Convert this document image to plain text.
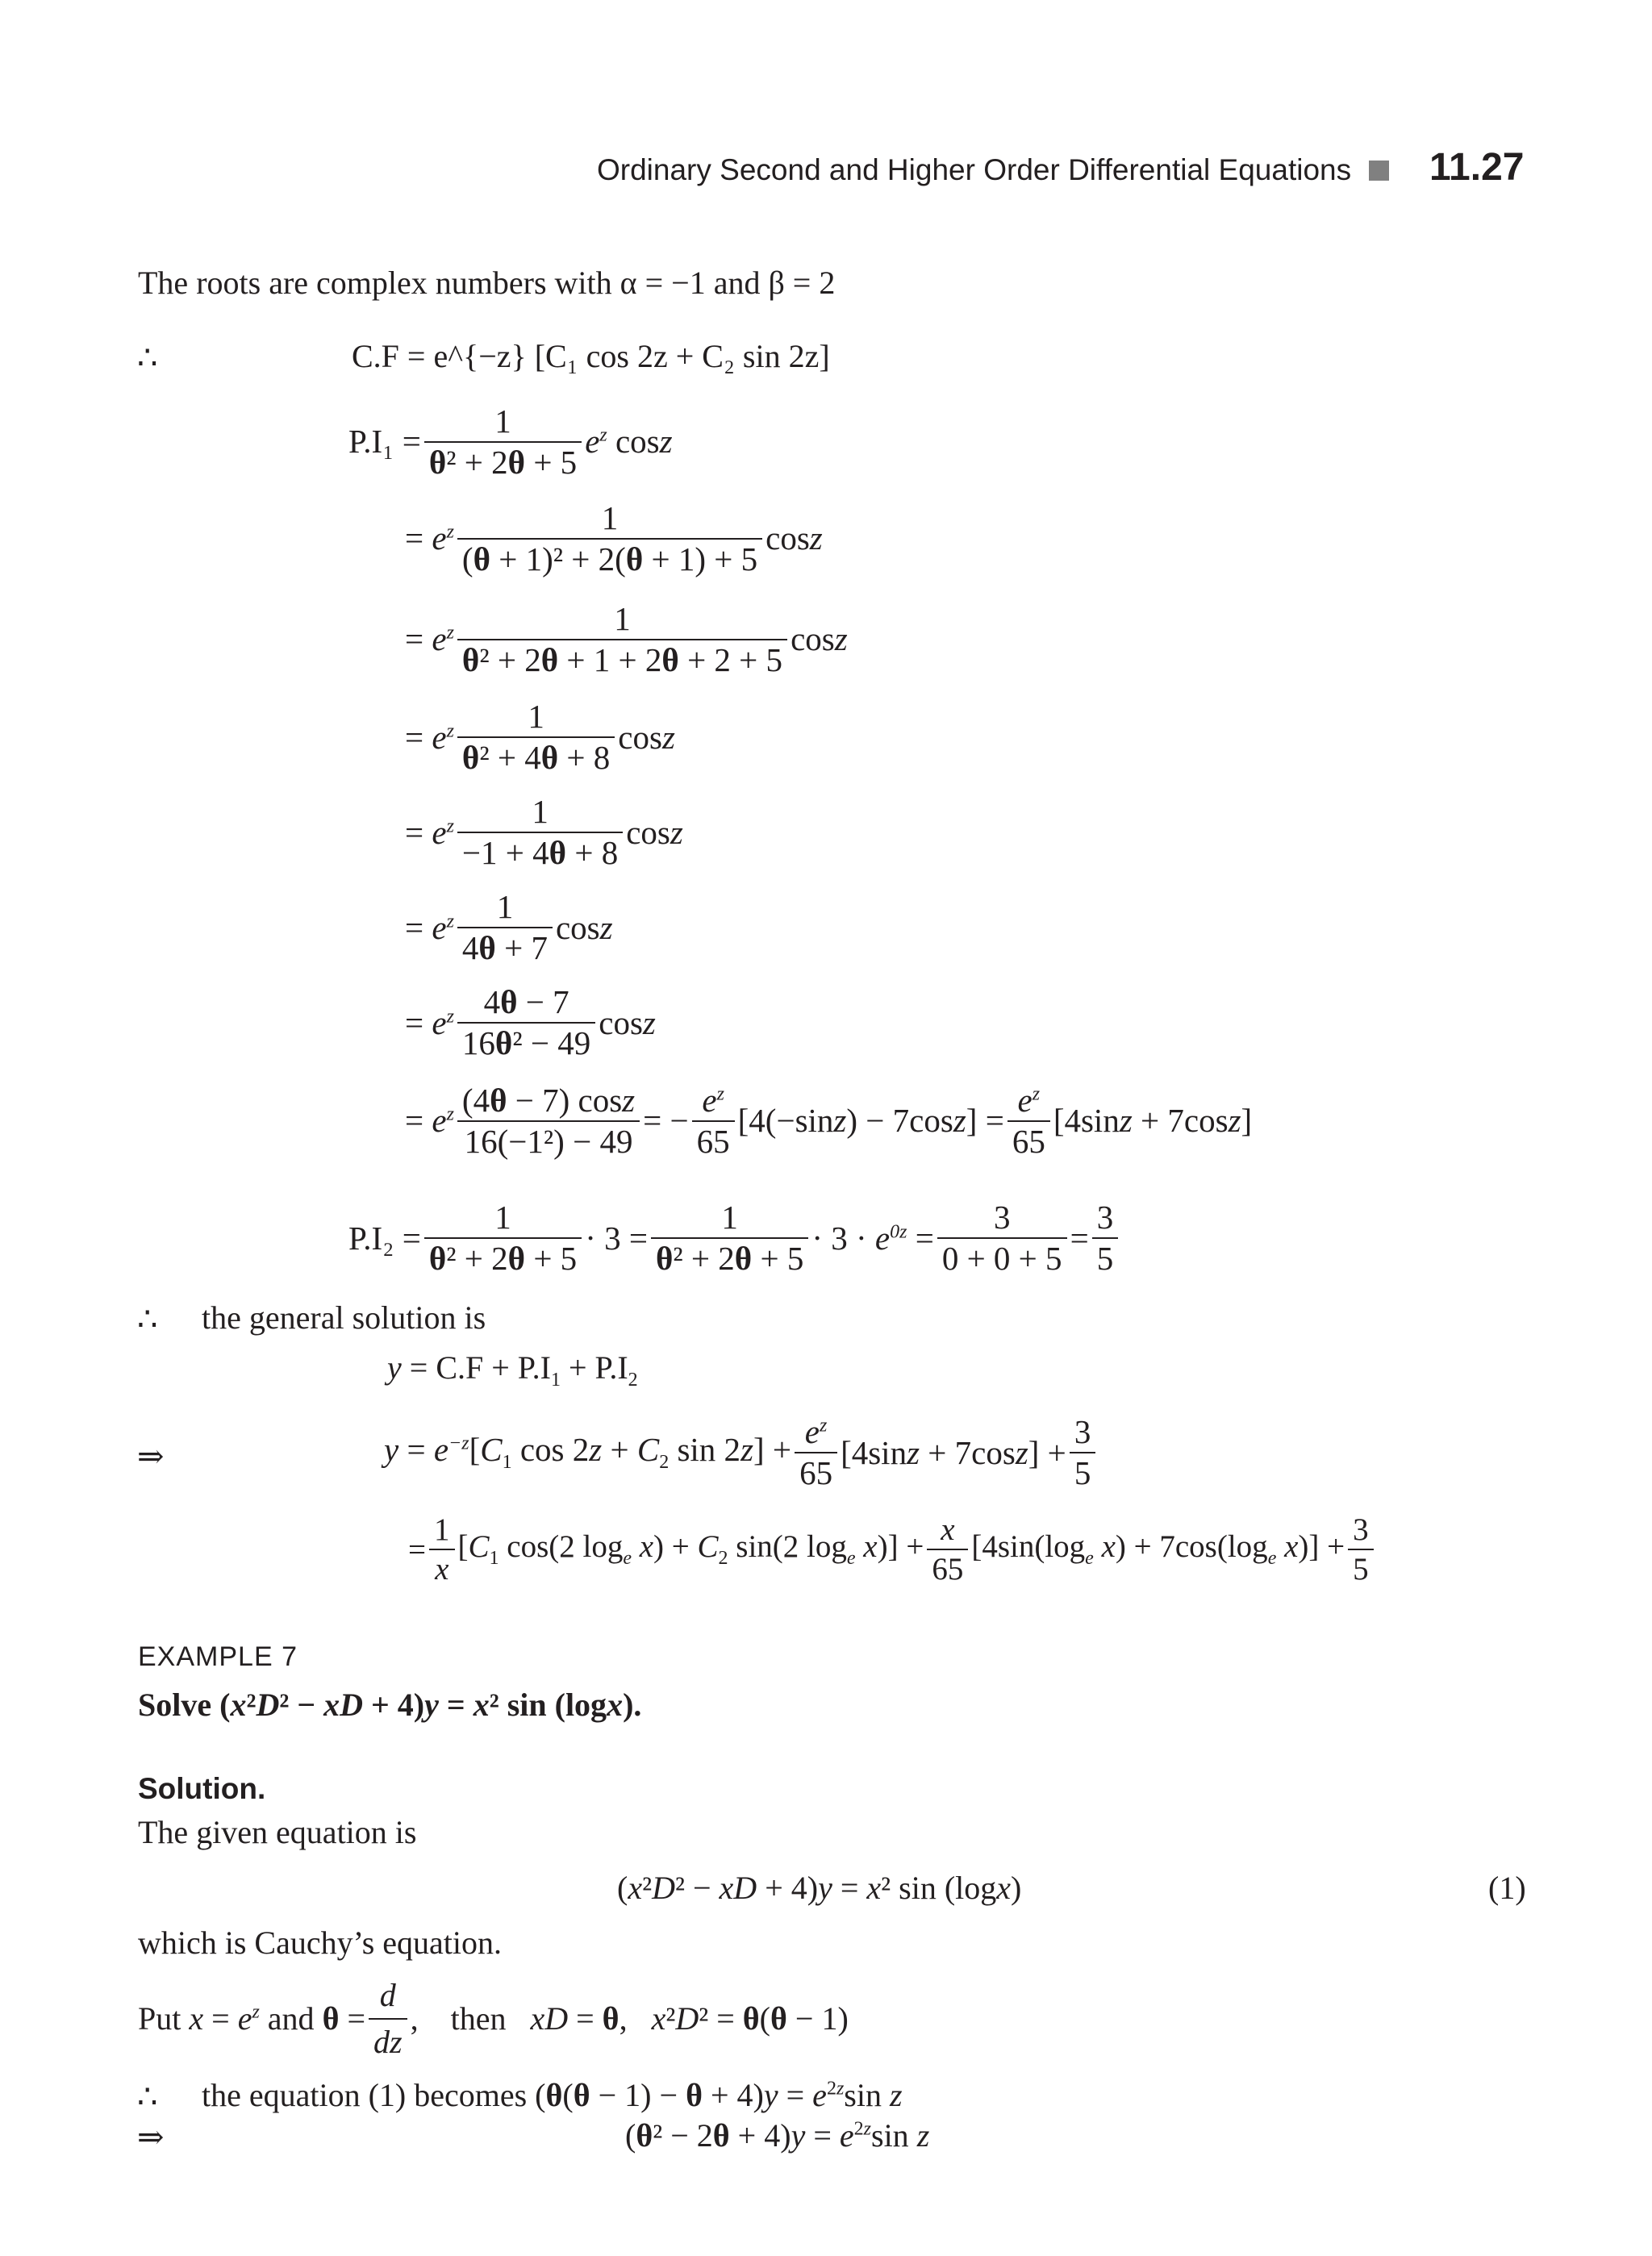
Ordinary Second and Higher Order Differential Equations 11.27
The roots are complex numbers with α = −1 and β = 2
∴	C.F = e^{−z} [C₁ cos 2z + C₂ sin 2z]
$P.I_1 = \frac{1}{\text{θ² + 2θ + 5}} e^z$ cosz
= $e^z \frac{1}{\text{(θ + 1)² + 2(θ + 1) + 5}}$ cosz
= $e^z \frac{1}{\text{θ² + 2θ + 1 + 2θ + 2 + 5}}$ cosz
= $e^z \frac{1}{\text{θ² + 4θ + 8}}$ cosz
= $e^z \frac{1}{-1 + 4\theta + 8}$ cosz
= $e^z \frac{1}{4\theta + 7}$ cosz
= $e^z \frac{4\theta - 7}{\text{16θ² − 49}}$ cosz
= $e^z \frac{(4\theta - 7) \cos z}{\text{16(−1²) − 49}}$ = − $\frac{e^z}{65} [4(-\sin z) - 7\cos z] = \frac{e^z}{65} [4\sin z + 7\cos z]$
$P.I_2 = \frac{1}{\text{θ² + 2θ + 5}} \cdot 3 = \frac{1}{\text{θ² + 2θ + 5}} \cdot 3 \cdot e^{0z} = \frac{3}{0 + 0 + 5} = \frac{3}{5}$
∴ the general solution is
$y = C.F + P.I_1 + P.I_2$
⇒	$y = e^{-z}[C_1$ $\cos 2z + C_2$ $\sin 2z] + \frac{e^z}{65} [4\sin z + 7\cos z] + \frac{3}{5}$
= $\frac{1}{x} [C_1$ cos(2 $\log_e x) + C_2$ sin(2 $\log_e x)] + \frac{x}{65} [4\sin(\log_e$ $x) + 7\cos(\log_e$ $x)] + \frac{3}{5}$
EXAMPLE 7
Solve (x²D² − xD + 4)y = x² sin (logx).
Solution.
The given equation is
(x²D² − xD + 4)y = x² sin (logx)	(1)
which is Cauchy’s equation.
Put $x = e^z$ and $\theta = \frac{d}{dz}$ ,    then   xD = θ,   x²D² = θ(θ − 1)
∴ the equation (1) becomes $(\theta(\theta - 1) - \theta + 4)y = e^{2z}\sin$ z
⇒	$(\theta^2 - 2\theta + 4)y = e^{2z}\sin$ z
